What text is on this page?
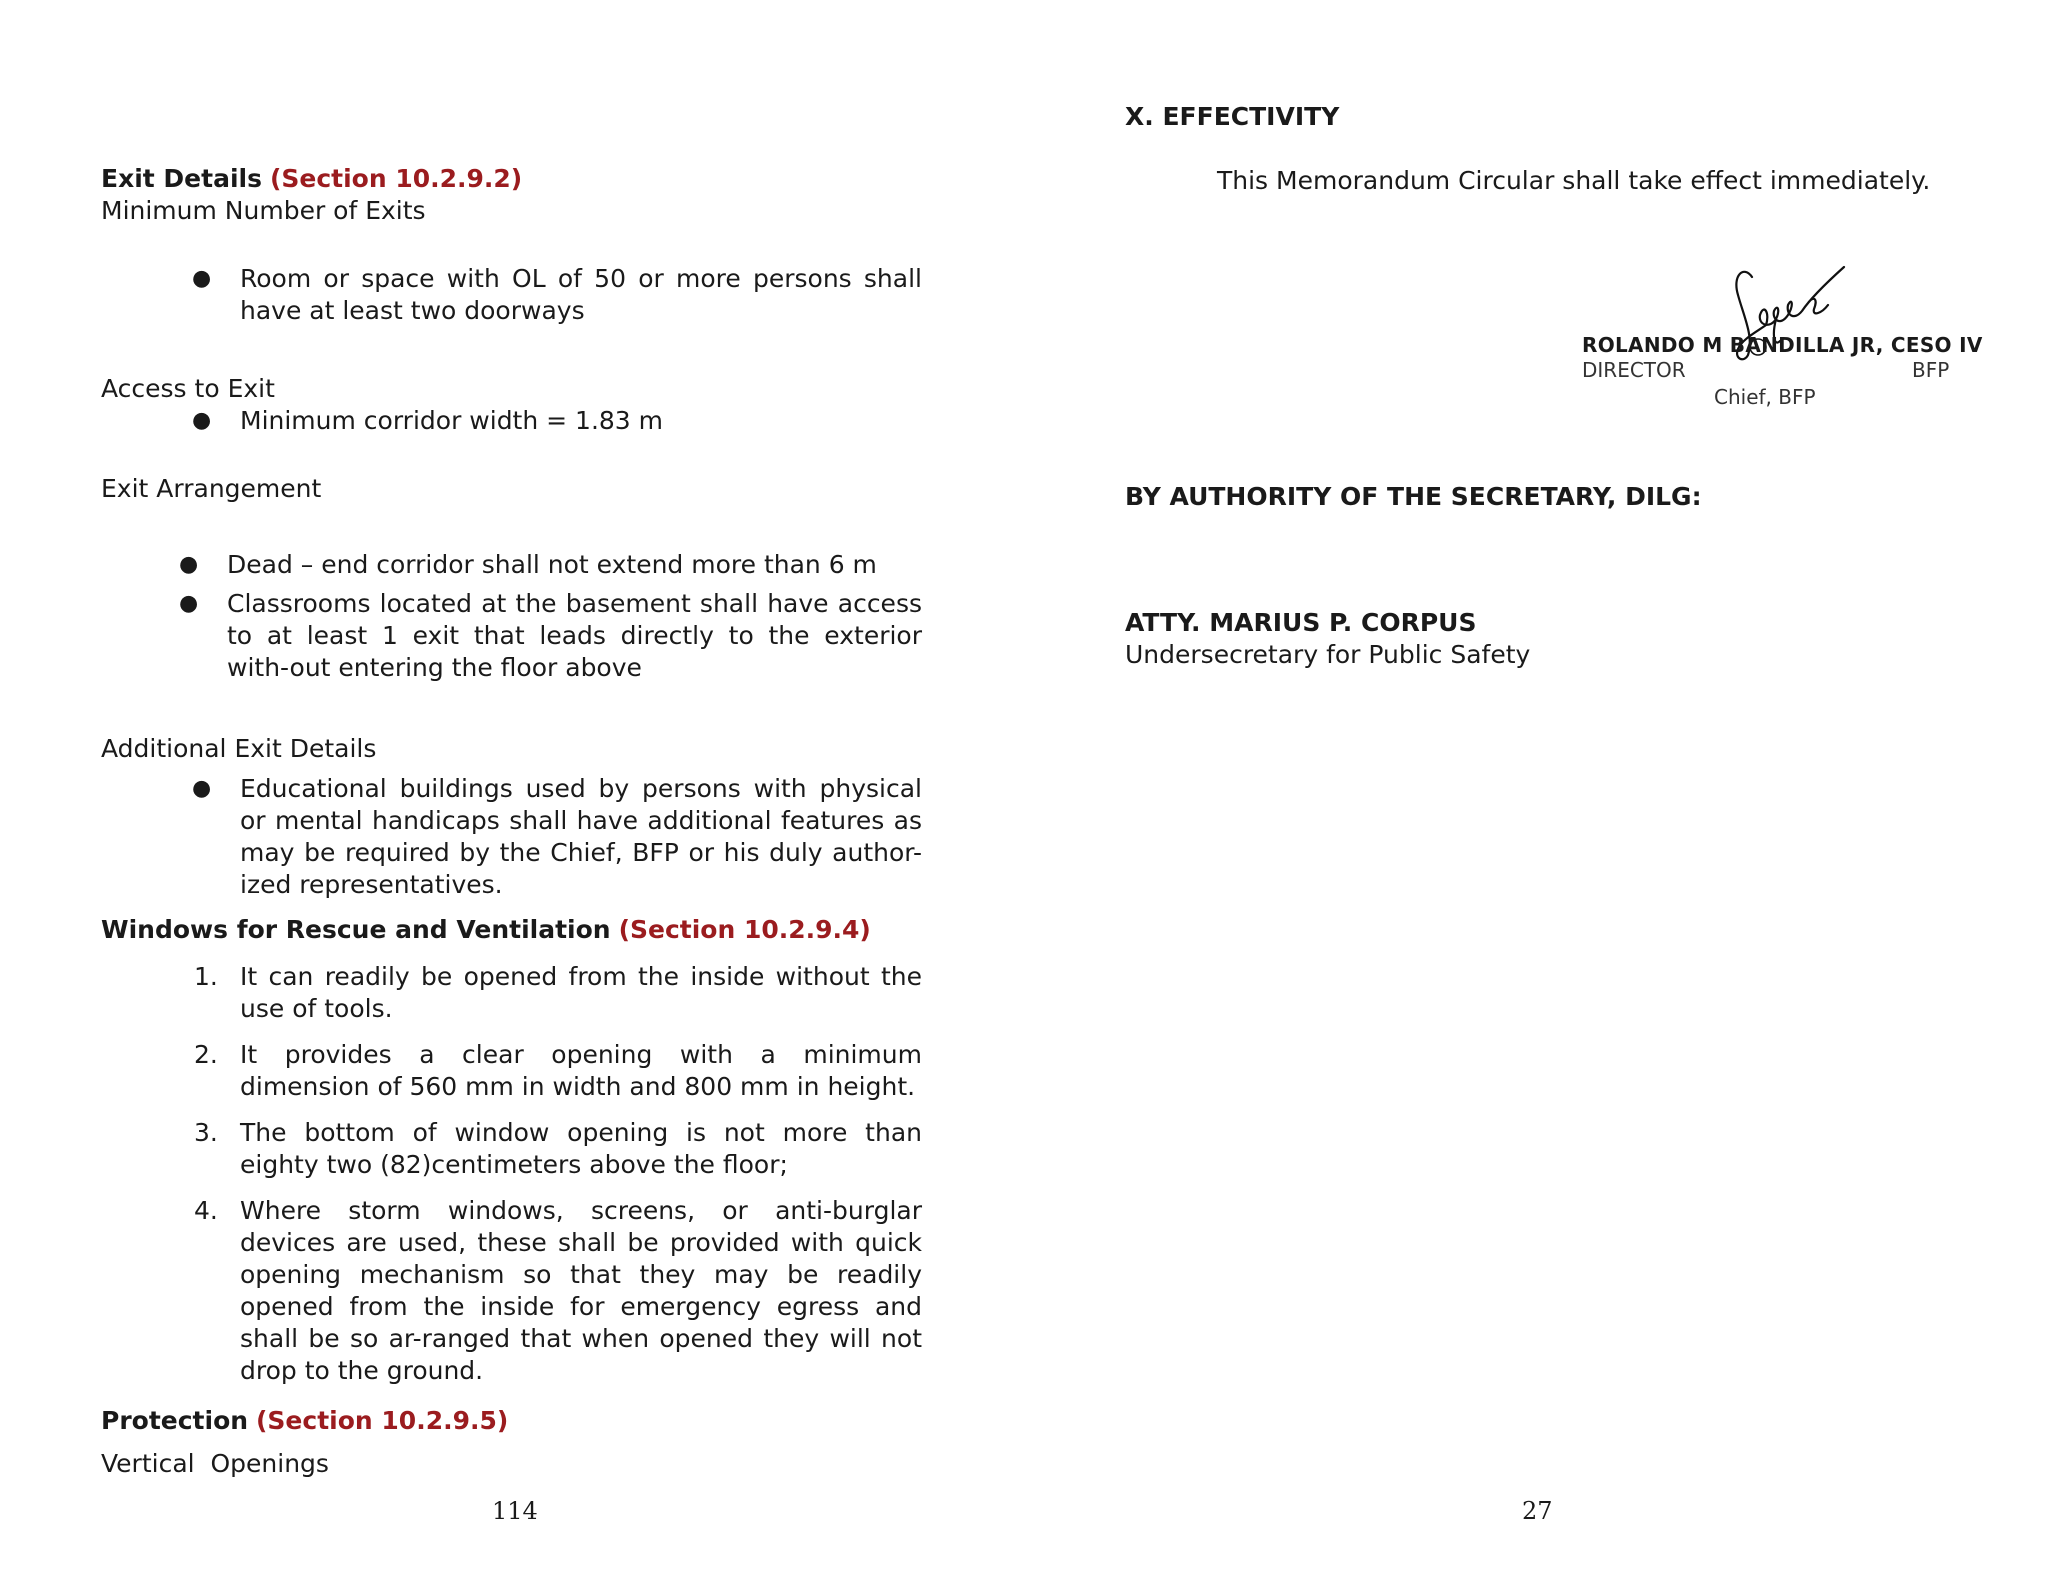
Exit Details (Section 10.2.9.2)
Minimum Number of Exits
● Room or space with OL of 50 or more persons shall have at least two doorways
Access to Exit
● Minimum corridor width = 1.83 m
Exit Arrangement
● Dead – end corridor shall not extend more than 6 m
● Classrooms located at the basement shall have access to at least 1 exit that leads directly to the exterior with-out entering the floor above
Additional Exit Details
● Educational buildings used by persons with physical or mental handicaps shall have additional features as may be required by the Chief, BFP or his duly author-ized representatives.
Windows for Rescue and Ventilation (Section 10.2.9.4)
1. It can readily be opened from the inside without the use of tools.
2. It provides a clear opening with a minimum dimension of 560 mm in width and 800 mm in height.
3. The bottom of window opening is not more than eighty two (82)centimeters above the floor;
4. Where storm windows, screens, or anti-burglar devices are used, these shall be provided with quick opening mechanism so that they may be readily opened from the inside for emergency egress and shall be so ar-ranged that when opened they will not drop to the ground.
Protection (Section 10.2.9.5)
Vertical  Openings
114
X. EFFECTIVITY
This Memorandum Circular shall take effect immediately.
ROLANDO M BANDILLA JR, CESO IV
DIRECTOR	BFP
Chief, BFP
BY AUTHORITY OF THE SECRETARY, DILG:
ATTY. MARIUS P. CORPUS
Undersecretary for Public Safety
27
